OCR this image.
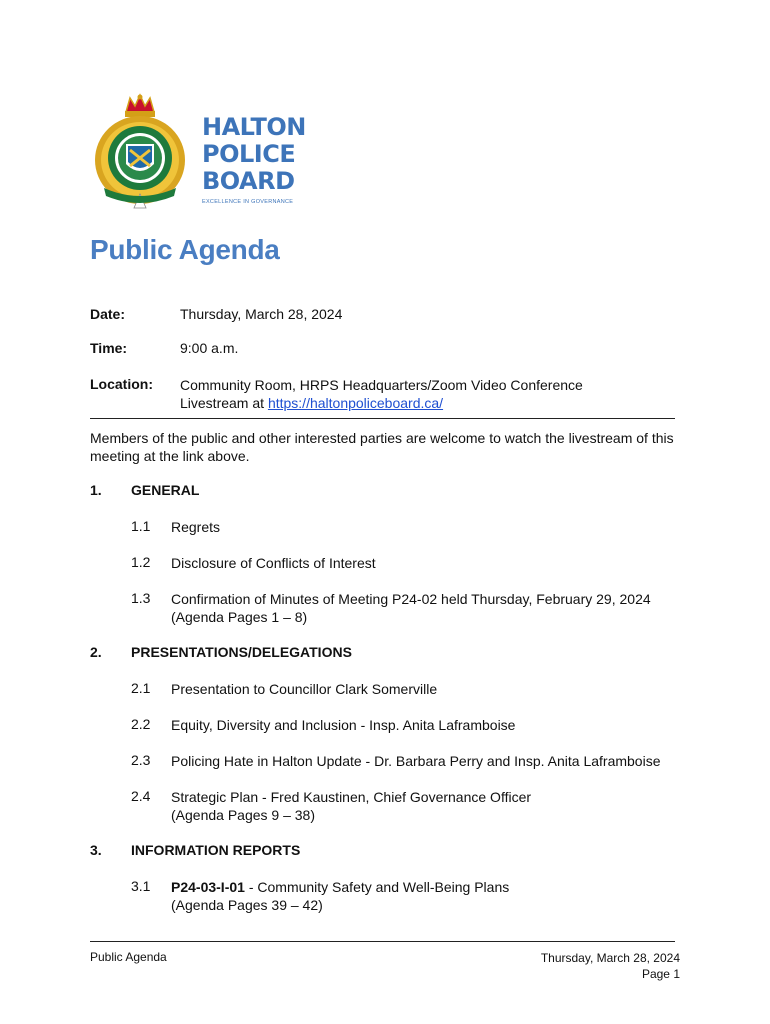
HALTON
POLICE
BOARD
EXCELLENCE IN GOVERNANCE
Public Agenda
Date:	Thursday, March 28, 2024
Time:	9:00 a.m.
Location: Community Room, HRPS Headquarters/Zoom Video Conference
Livestream at https://haltonpoliceboard.ca/
Members of the public and other interested parties are welcome to watch the livestream of this meeting at the link above.
1. GENERAL
1.1 Regrets
1.2 Disclosure of Conflicts of Interest
1.3 Confirmation of Minutes of Meeting P24-02 held Thursday, February 29, 2024
(Agenda Pages 1 – 8)
2. PRESENTATIONS/DELEGATIONS
2.1 Presentation to Councillor Clark Somerville
2.2 Equity, Diversity and Inclusion - Insp. Anita Laframboise
2.3 Policing Hate in Halton Update - Dr. Barbara Perry and Insp. Anita Laframboise
2.4 Strategic Plan - Fred Kaustinen, Chief Governance Officer
(Agenda Pages 9 – 38)
3. INFORMATION REPORTS
3.1 P24-03-I-01 - Community Safety and Well-Being Plans
(Agenda Pages 39 – 42)
Public Agenda	Thursday, March 28, 2024
Page 1
